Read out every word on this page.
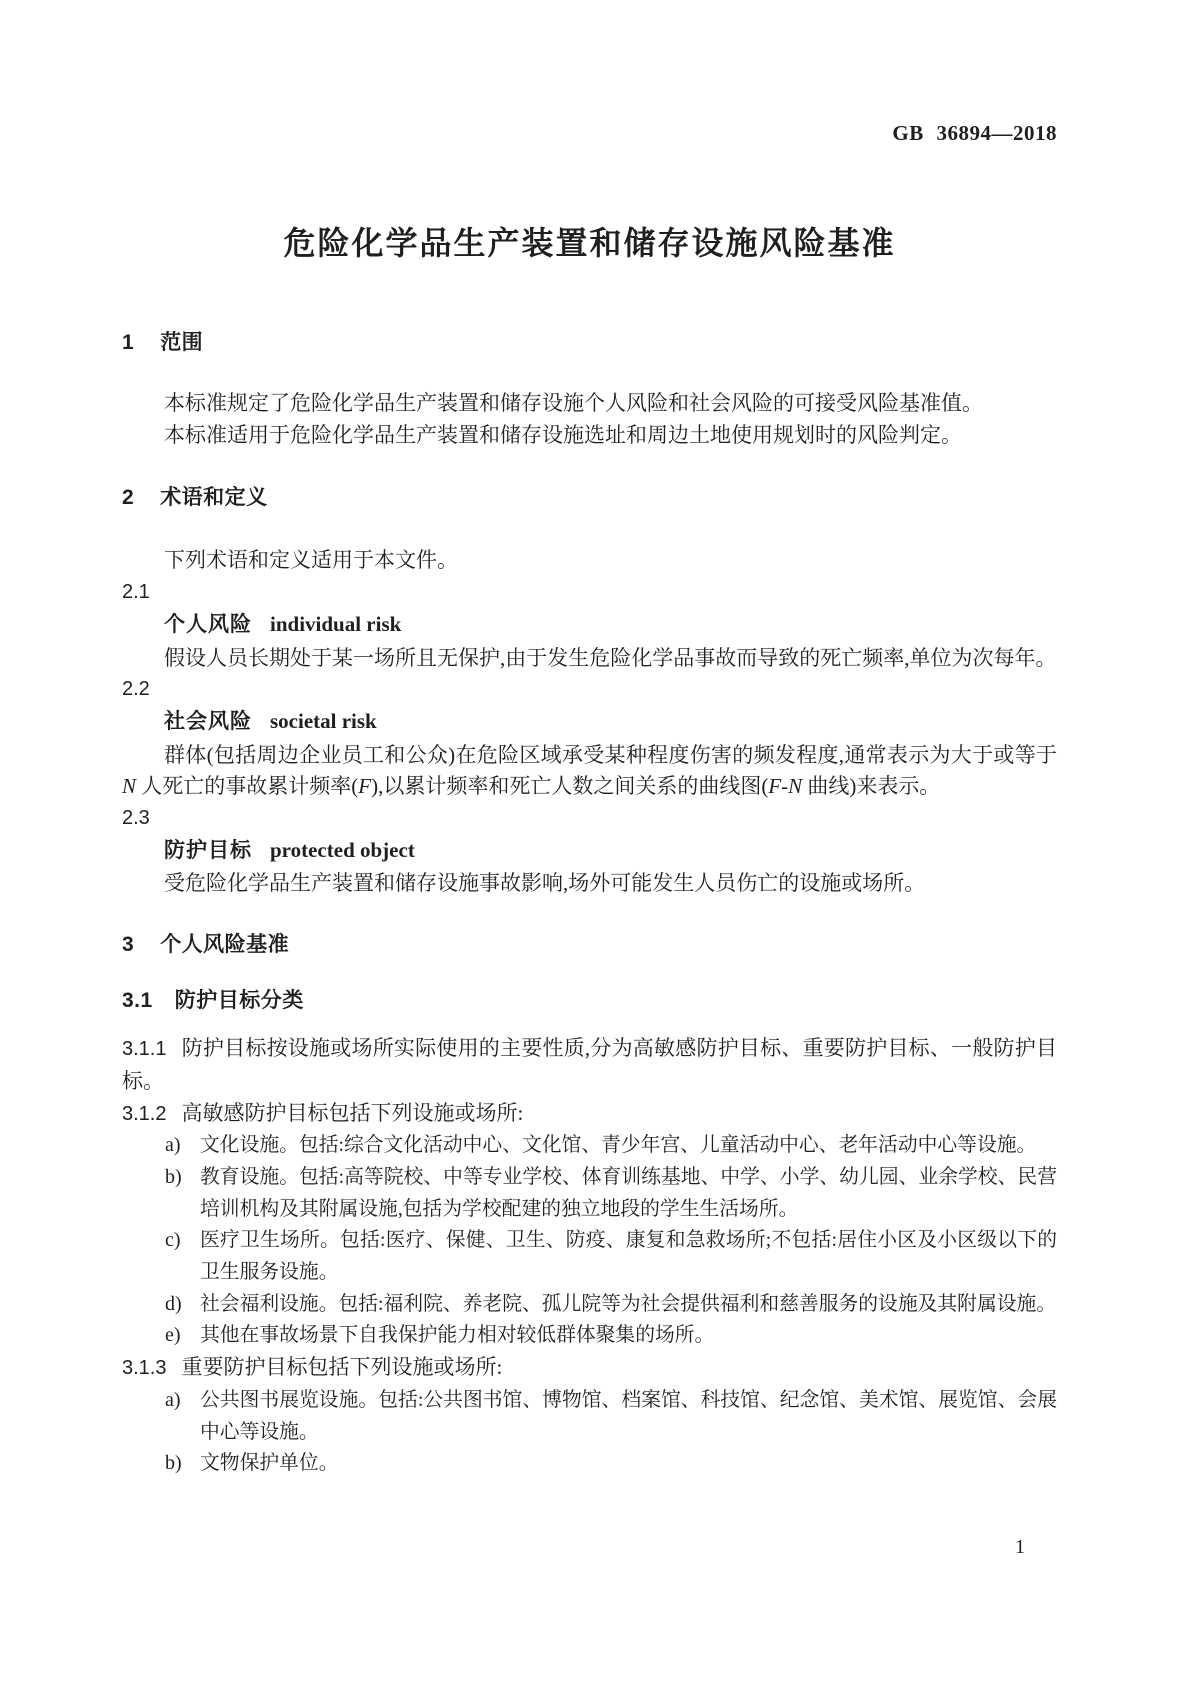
GB 36894—2018
危险化学品生产装置和储存设施风险基准
1 范围

本标准规定了危险化学品生产装置和储存设施个人风险和社会风险的可接受风险基准值。

本标准适用于危险化学品生产装置和储存设施选址和周边土地使用规划时的风险判定。

2 术语和定义

下列术语和定义适用于本文件。

2.1

个人风险 individual risk

假设人员长期处于某一场所且无保护,由于发生危险化学品事故而导致的死亡频率,单位为次每年。

2.2

社会风险 societal risk

群体(包括周边企业员工和公众)在危险区域承受某种程度伤害的频发程度,通常表示为大于或等于 N 人死亡的事故累计频率(F),以累计频率和死亡人数之间关系的曲线图(F-N 曲线)来表示。

2.3

防护目标 protected object

受危险化学品生产装置和储存设施事故影响,场外可能发生人员伤亡的设施或场所。

3 个人风险基准
3.1 防护目标分类

3.1.1 防护目标按设施或场所实际使用的主要性质,分为高敏感防护目标、重要防护目标、一般防护目标。

3.1.2 高敏感防护目标包括下列设施或场所:

a) 文化设施。包括:综合文化活动中心、文化馆、青少年宫、儿童活动中心、老年活动中心等设施。
b) 教育设施。包括:高等院校、中等专业学校、体育训练基地、中学、小学、幼儿园、业余学校、民营培训机构及其附属设施,包括为学校配建的独立地段的学生生活场所。
c) 医疗卫生场所。包括:医疗、保健、卫生、防疫、康复和急救场所;不包括:居住小区及小区级以下的卫生服务设施。
d) 社会福利设施。包括:福利院、养老院、孤儿院等为社会提供福利和慈善服务的设施及其附属设施。
e) 其他在事故场景下自我保护能力相对较低群体聚集的场所。

3.1.3 重要防护目标包括下列设施或场所:

a) 公共图书展览设施。包括:公共图书馆、博物馆、档案馆、科技馆、纪念馆、美术馆、展览馆、会展中心等设施。
b) 文物保护单位。
1
